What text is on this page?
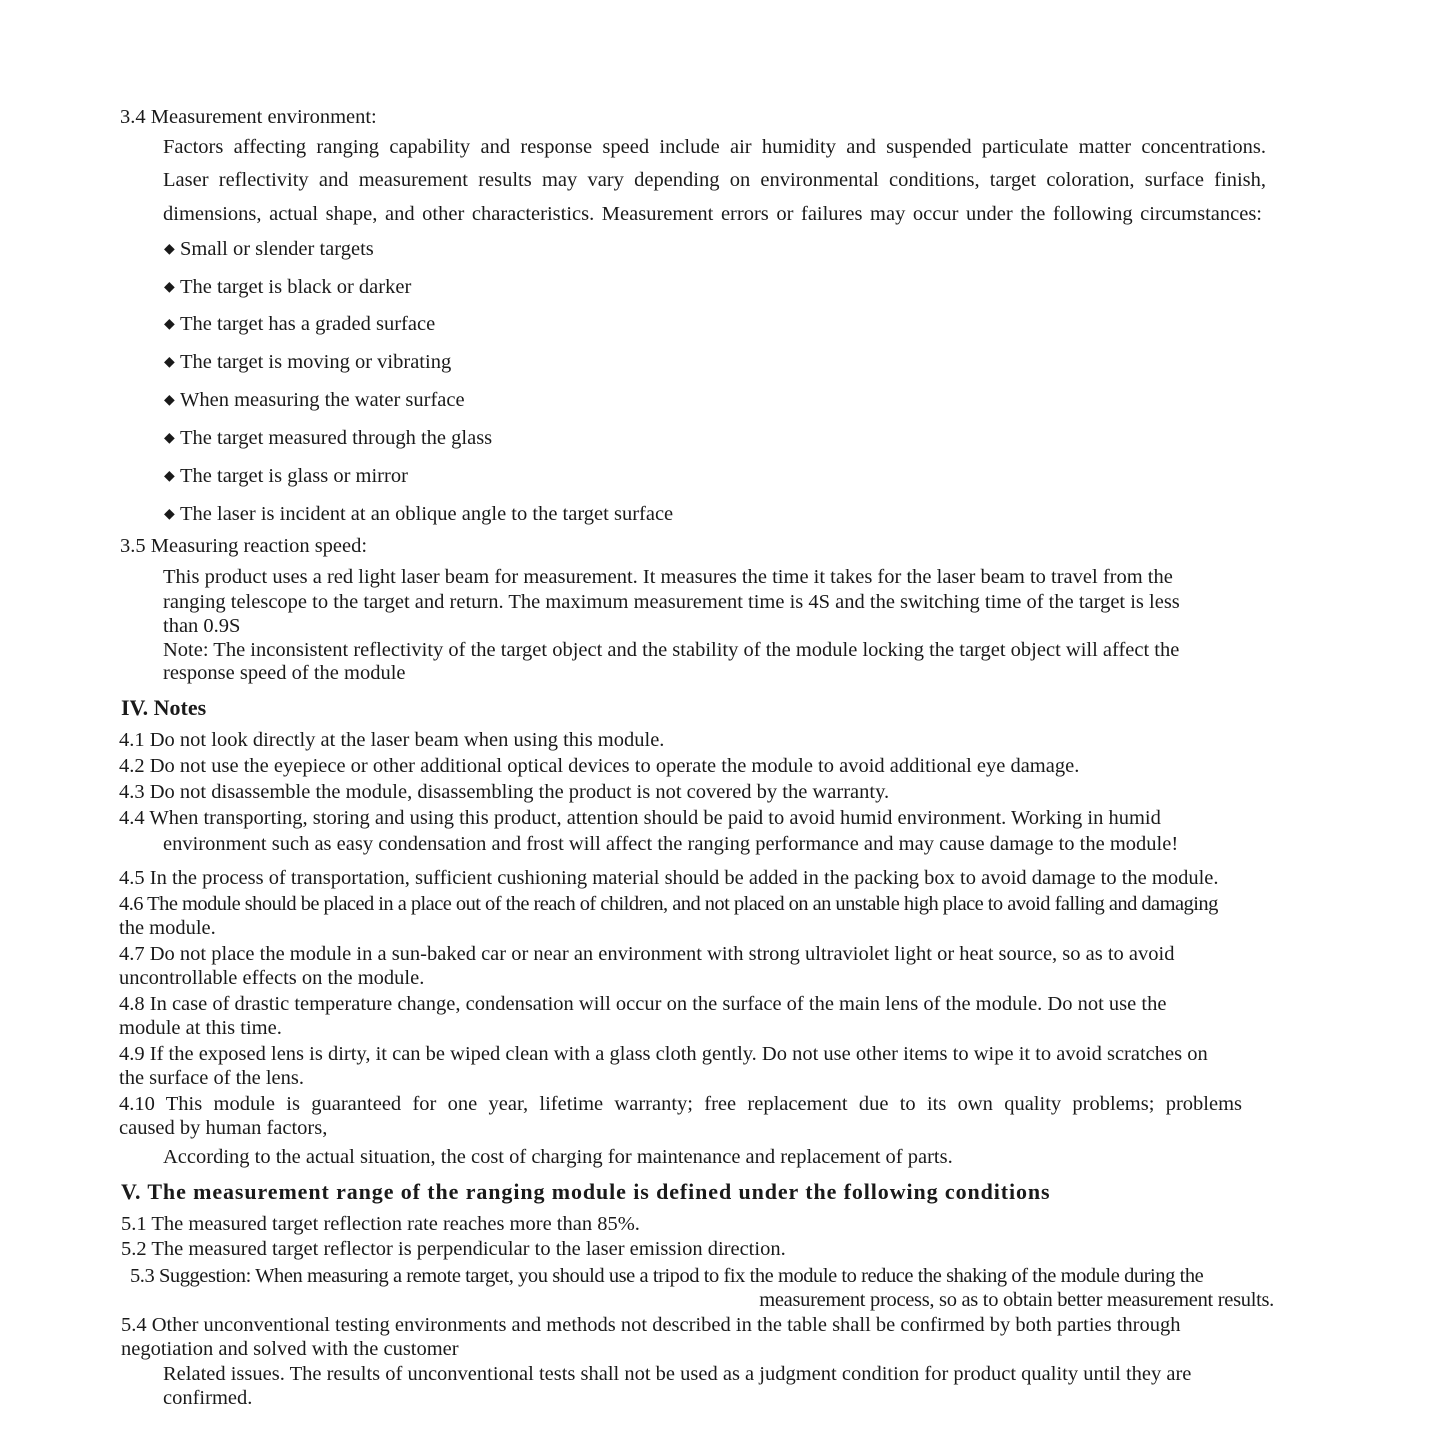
3.4 Measurement environment:
Factors affecting ranging capability and response speed include air humidity and suspended particulate matter concentrations.
Laser reflectivity and measurement results may vary depending on environmental conditions, target coloration, surface finish,
dimensions, actual shape, and other characteristics. Measurement errors or failures may occur under the following circumstances:
◆ Small or slender targets
◆ The target is black or darker
◆ The target has a graded surface
◆ The target is moving or vibrating
◆ When measuring the water surface
◆ The target measured through the glass
◆ The target is glass or mirror
◆ The laser is incident at an oblique angle to the target surface
3.5 Measuring reaction speed:
This product uses a red light laser beam for measurement. It measures the time it takes for the laser beam to travel from the
ranging telescope to the target and return. The maximum measurement time is 4S and the switching time of the target is less
than 0.9S
Note: The inconsistent reflectivity of the target object and the stability of the module locking the target object will affect the
response speed of the module
IV. Notes
4.1 Do not look directly at the laser beam when using this module.
4.2 Do not use the eyepiece or other additional optical devices to operate the module to avoid additional eye damage.
4.3 Do not disassemble the module, disassembling the product is not covered by the warranty.
4.4 When transporting, storing and using this product, attention should be paid to avoid humid environment. Working in humid
environment such as easy condensation and frost will affect the ranging performance and may cause damage to the module!
4.5 In the process of transportation, sufficient cushioning material should be added in the packing box to avoid damage to the module.
4.6 The module should be placed in a place out of the reach of children, and not placed on an unstable high place to avoid falling and damaging
the module.
4.7 Do not place the module in a sun-baked car or near an environment with strong ultraviolet light or heat source, so as to avoid
uncontrollable effects on the module.
4.8 In case of drastic temperature change, condensation will occur on the surface of the main lens of the module. Do not use the
module at this time.
4.9 If the exposed lens is dirty, it can be wiped clean with a glass cloth gently. Do not use other items to wipe it to avoid scratches on
the surface of the lens.
4.10 This module is guaranteed for one year, lifetime warranty; free replacement due to its own quality problems; problems
caused by human factors,
According to the actual situation, the cost of charging for maintenance and replacement of parts.
V. The measurement range of the ranging module is defined under the following conditions
5.1 The measured target reflection rate reaches more than 85%.
5.2 The measured target reflector is perpendicular to the laser emission direction.
5.3 Suggestion: When measuring a remote target, you should use a tripod to fix the module to reduce the shaking of the module during the
measurement process, so as to obtain better measurement results.
5.4 Other unconventional testing environments and methods not described in the table shall be confirmed by both parties through
negotiation and solved with the customer
Related issues. The results of unconventional tests shall not be used as a judgment condition for product quality until they are
confirmed.
